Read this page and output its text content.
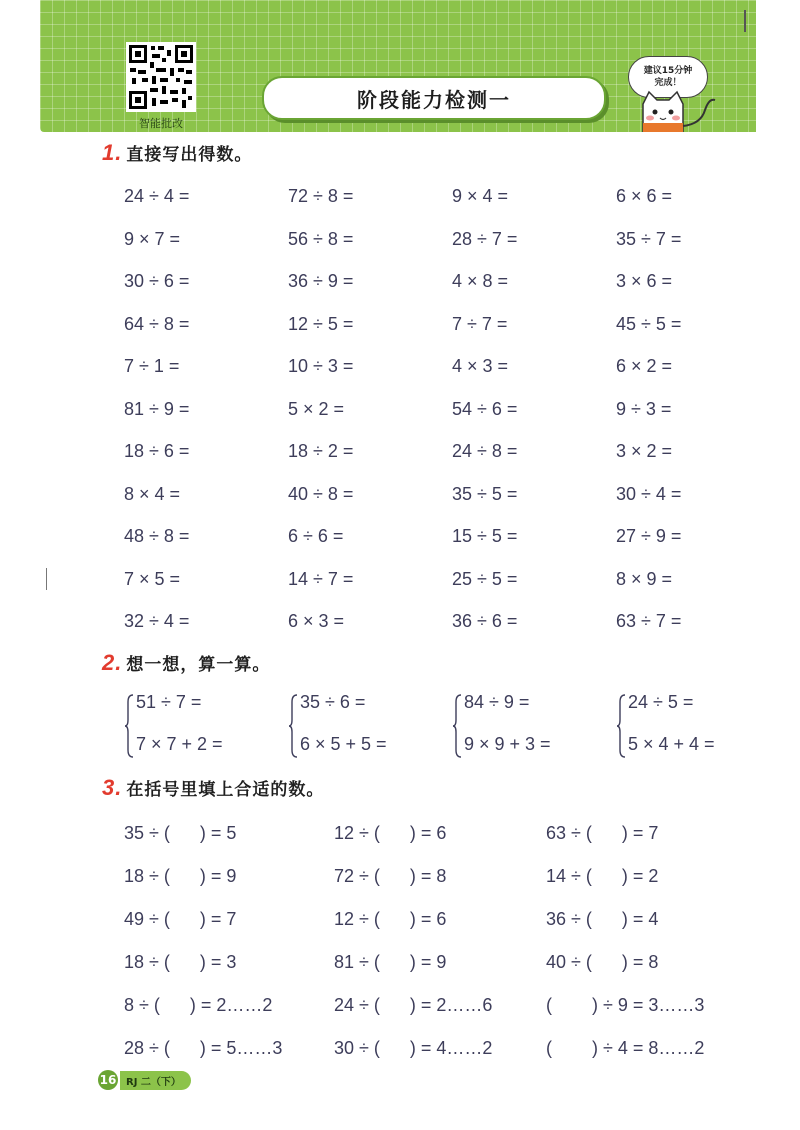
智能批改
阶段能力检测一
建议15分钟
完成！
1. 直接写出得数。
24 ÷ 4 =	72 ÷ 8 =	9 × 4 =	6 × 6 =
9 × 7 =	56 ÷ 8 =	28 ÷ 7 =	35 ÷ 7 =
30 ÷ 6 =	36 ÷ 9 =	4 × 8 =	3 × 6 =
64 ÷ 8 =	12 ÷ 5 =	7 ÷ 7 =	45 ÷ 5 =
7 ÷ 1 =	10 ÷ 3 =	4 × 3 =	6 × 2 =
81 ÷ 9 =	5 × 2 =	54 ÷ 6 =	9 ÷ 3 =
18 ÷ 6 =	18 ÷ 2 =	24 ÷ 8 =	3 × 2 =
8 × 4 =	40 ÷ 8 =	35 ÷ 5 =	30 ÷ 4 =
48 ÷ 8 =	6 ÷ 6 =	15 ÷ 5 =	27 ÷ 9 =
7 × 5 =	14 ÷ 7 =	25 ÷ 5 =	8 × 9 =
32 ÷ 4 =	6 × 3 =	36 ÷ 6 =	63 ÷ 7 =
2. 想一想，算一算。
51 ÷ 7 =
7 × 7 + 2 =
35 ÷ 6 =
6 × 5 + 5 =
84 ÷ 9 =
9 × 9 + 3 =
24 ÷ 5 =
5 × 4 + 4 =
3. 在括号里填上合适的数。
35 ÷ (      ) = 5	12 ÷ (      ) = 6	63 ÷ (      ) = 7
18 ÷ (      ) = 9	72 ÷ (      ) = 8	14 ÷ (      ) = 2
49 ÷ (      ) = 7	12 ÷ (      ) = 6	36 ÷ (      ) = 4
18 ÷ (      ) = 3	81 ÷ (      ) = 9	40 ÷ (      ) = 8
8 ÷ (      ) = 2……2	24 ÷ (      ) = 2……6	(        ) ÷ 9 = 3……3
28 ÷ (      ) = 5……3	30 ÷ (      ) = 4……2	(        ) ÷ 4 = 8……2
16 RJ 二（下）
